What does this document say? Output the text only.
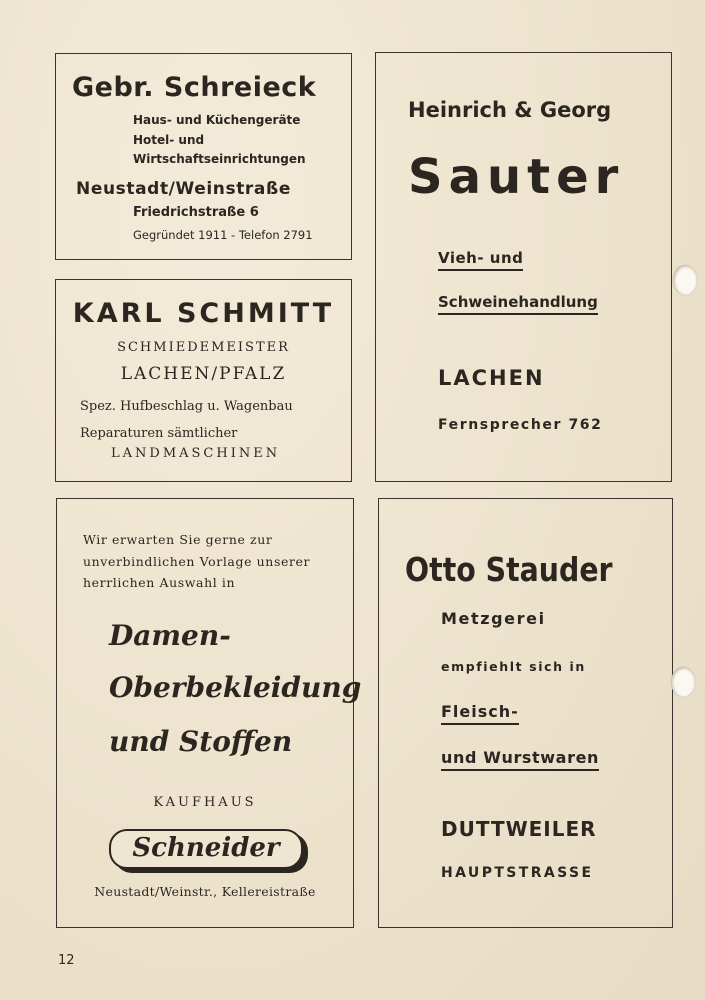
Gebr. Schreieck
Haus- und Küchengeräte
Hotel- und
Wirtschaftseinrichtungen
Neustadt/Weinstraße
Friedrichstraße 6
Gegründet 1911 - Telefon 2791
KARL SCHMITT
SCHMIEDEMEISTER
LACHEN/PFALZ
Spez. Hufbeschlag u. Wagenbau
Reparaturen sämtlicher
LANDMASCHINEN
Heinrich & Georg
Sauter
Vieh- und
Schweinehandlung
LACHEN
Fernsprecher 762
Wir erwarten Sie gerne zur
unverbindlichen Vorlage unserer
herrlichen Auswahl in
Damen-
Oberbekleidung
und Stoffen
KAUFHAUS
Schneider
Neustadt/Weinstr., Kellereistraße
Otto Stauder
Metzgerei
empfiehlt sich in
Fleisch-
und Wurstwaren
DUTTWEILER
HAUPTSTRASSE
12
